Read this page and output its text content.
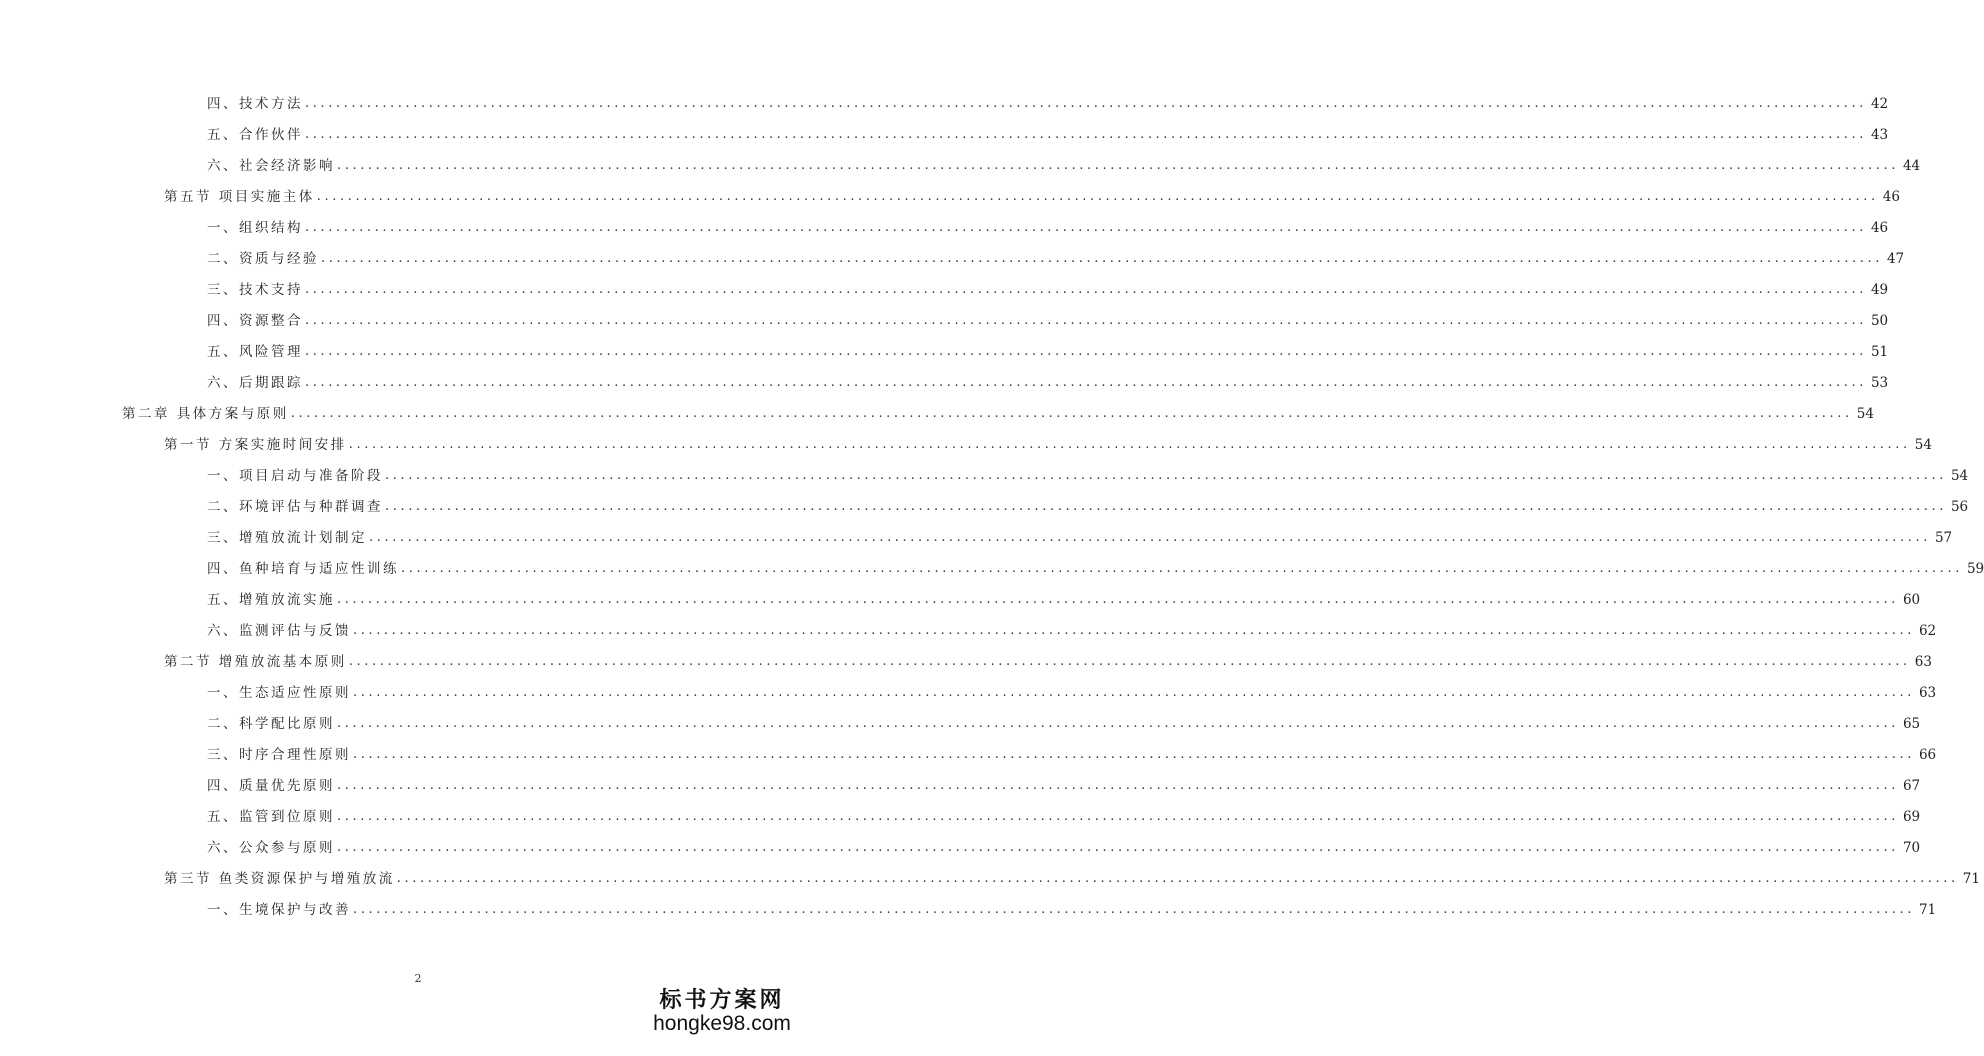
四、技术方法 .......................................................................................................................................................................................................... 42
五、合作伙伴 .......................................................................................................................................................................................................... 43
六、社会经济影响 .......................................................................................................................................................................................................... 44
第五节 项目实施主体 .......................................................................................................................................................................................................... 46
一、组织结构 .......................................................................................................................................................................................................... 46
二、资质与经验 .......................................................................................................................................................................................................... 47
三、技术支持 .......................................................................................................................................................................................................... 49
四、资源整合 .......................................................................................................................................................................................................... 50
五、风险管理 .......................................................................................................................................................................................................... 51
六、后期跟踪 .......................................................................................................................................................................................................... 53
第二章 具体方案与原则 .......................................................................................................................................................................................................... 54
第一节 方案实施时间安排 .......................................................................................................................................................................................................... 54
一、项目启动与准备阶段 .......................................................................................................................................................................................................... 54
二、环境评估与种群调查 .......................................................................................................................................................................................................... 56
三、增殖放流计划制定 .......................................................................................................................................................................................................... 57
四、鱼种培育与适应性训练 .......................................................................................................................................................................................................... 59
五、增殖放流实施 .......................................................................................................................................................................................................... 60
六、监测评估与反馈 .......................................................................................................................................................................................................... 62
第二节 增殖放流基本原则 .......................................................................................................................................................................................................... 63
一、生态适应性原则 .......................................................................................................................................................................................................... 63
二、科学配比原则 .......................................................................................................................................................................................................... 65
三、时序合理性原则 .......................................................................................................................................................................................................... 66
四、质量优先原则 .......................................................................................................................................................................................................... 67
五、监管到位原则 .......................................................................................................................................................................................................... 69
六、公众参与原则 .......................................................................................................................................................................................................... 70
第三节 鱼类资源保护与增殖放流 .......................................................................................................................................................................................................... 71
一、生境保护与改善 .......................................................................................................................................................................................................... 71
2
标书方案网
hongke98.com
